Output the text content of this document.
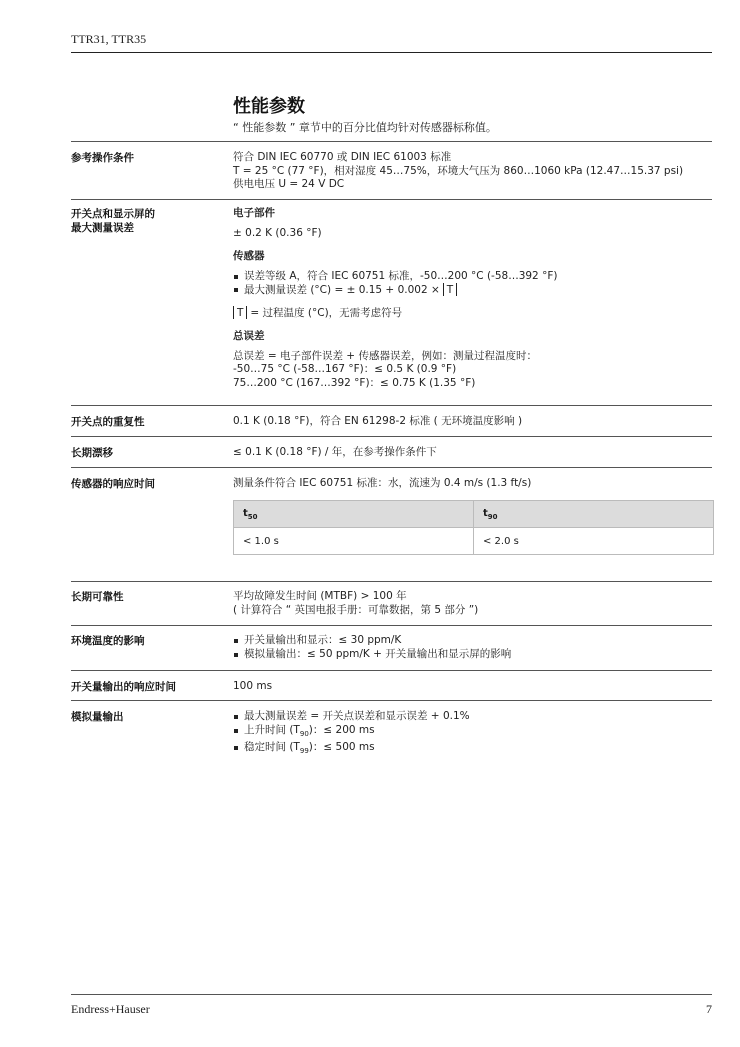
TTR31, TTR35
性能参数
“ 性能参数 ” 章节中的百分比值均针对传感器标称值。
参考操作条件	符合 DIN IEC 60770 或 DIN IEC 61003 标准
T = 25 °C (77 °F)，相对湿度 45…75%，环境大气压为 860…1060 kPa (12.47…15.37 psi)
供电电压 U = 24 V DC
开关点和显示屏的
最大测量误差
电子部件
± 0.2 K (0.36 °F)
传感器
误差等级 A，符合 IEC 60751 标准，-50…200 °C (-58…392 °F)
最大测量误差 (°C) = ± 0.15 + 0.002 × T
T = 过程温度 (°C)，无需考虑符号
总误差
总误差 = 电子部件误差 + 传感器误差，例如：测量过程温度时：
-50…75 °C (-58…167 °F)：≤ 0.5 K (0.9 °F)
75…200 °C (167…392 °F)：≤ 0.75 K (1.35 °F)
开关点的重复性	0.1 K (0.18 °F)，符合 EN 61298-2 标准 ( 无环境温度影响 )
长期漂移	≤ 0.1 K (0.18 °F) / 年，在参考操作条件下
传感器的响应时间	测量条件符合 IEC 60751 标准：水，流速为 0.4 m/s (1.3 ft/s)
$t_{50}$	$t_{90}$
< 1.0 s	< 2.0 s
长期可靠性	平均故障发生时间 (MTBF) > 100 年
( 计算符合 “ 英国电报手册：可靠数据，第 5 部分 ”)
环境温度的影响	开关量输出和显示：≤ 30 ppm/K
模拟量输出：≤ 50 ppm/K + 开关量输出和显示屏的影响
开关量输出的响应时间	100 ms
模拟量输出	最大测量误差 = 开关点误差和显示误差 + 0.1%
上升时间 $(T_{90})$：≤ 200 ms
稳定时间 $(T_{99})$：≤ 500 ms
Endress+Hauser	7
